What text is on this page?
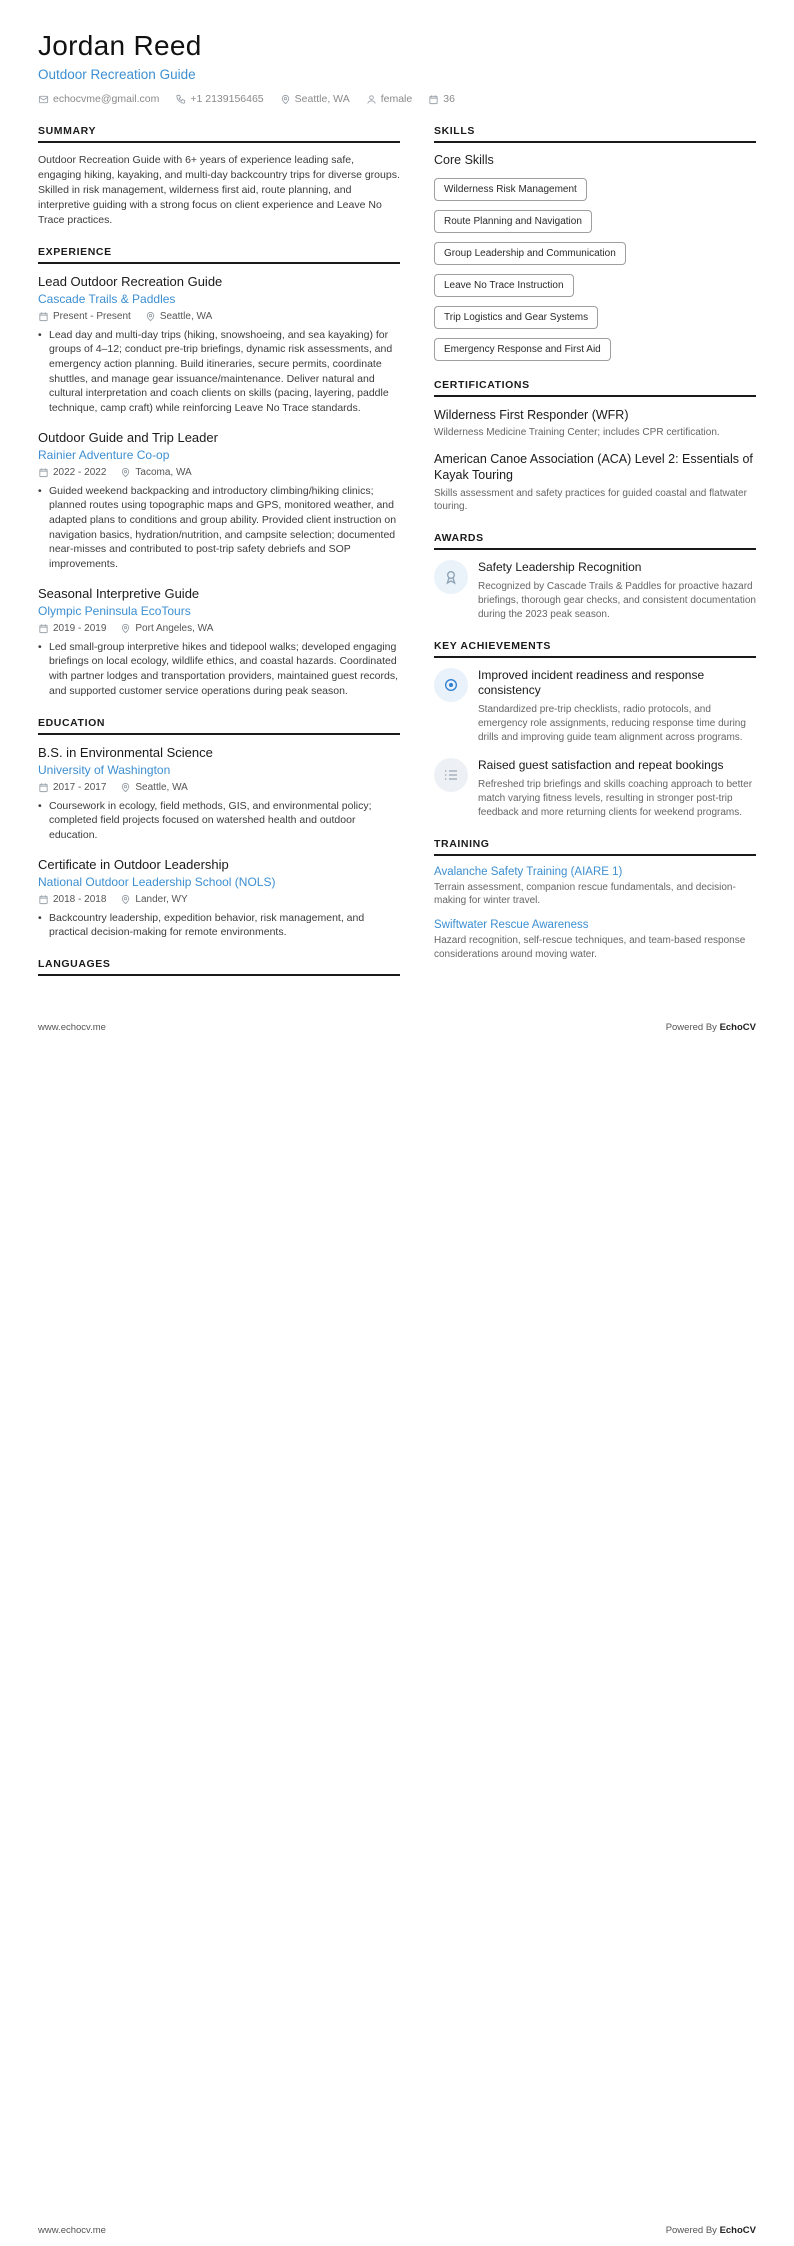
Jordan Reed
Outdoor Recreation Guide
echocvme@gmail.com	+1 2139156465	Seattle, WA	female	36
SUMMARY
Outdoor Recreation Guide with 6+ years of experience leading safe, engaging hiking, kayaking, and multi-day backcountry trips for diverse groups. Skilled in risk management, wilderness first aid, route planning, and interpretive guiding with a strong focus on client experience and Leave No Trace practices.
EXPERIENCE
Lead Outdoor Recreation Guide
Cascade Trails & Paddles
Present - Present	Seattle, WA
• Lead day and multi-day trips (hiking, snowshoeing, and sea kayaking) for groups of 4–12; conduct pre-trip briefings, dynamic risk assessments, and emergency action planning. Build itineraries, secure permits, coordinate shuttles, and manage gear issuance/maintenance. Deliver natural and cultural interpretation and coach clients on skills (pacing, layering, paddle technique, camp craft) while reinforcing Leave No Trace standards.
Outdoor Guide and Trip Leader
Rainier Adventure Co-op
2022 - 2022	Tacoma, WA
• Guided weekend backpacking and introductory climbing/hiking clinics; planned routes using topographic maps and GPS, monitored weather, and adapted plans to conditions and group ability. Provided client instruction on navigation basics, hydration/nutrition, and campsite selection; documented near-misses and contributed to post-trip safety debriefs and SOP improvements.
Seasonal Interpretive Guide
Olympic Peninsula EcoTours
2019 - 2019	Port Angeles, WA
• Led small-group interpretive hikes and tidepool walks; developed engaging briefings on local ecology, wildlife ethics, and coastal hazards. Coordinated with partner lodges and transportation providers, maintained guest records, and supported customer service operations during peak season.
EDUCATION
B.S. in Environmental Science
University of Washington
2017 - 2017	Seattle, WA
• Coursework in ecology, field methods, GIS, and environmental policy; completed field projects focused on watershed health and outdoor education.
Certificate in Outdoor Leadership
National Outdoor Leadership School (NOLS)
2018 - 2018	Lander, WY
• Backcountry leadership, expedition behavior, risk management, and practical decision-making for remote environments.
LANGUAGES
SKILLS
Core Skills
Wilderness Risk Management
Route Planning and Navigation
Group Leadership and Communication
Leave No Trace Instruction
Trip Logistics and Gear Systems
Emergency Response and First Aid
CERTIFICATIONS
Wilderness First Responder (WFR)
Wilderness Medicine Training Center; includes CPR certification.
American Canoe Association (ACA) Level 2: Essentials of Kayak Touring
Skills assessment and safety practices for guided coastal and flatwater touring.
AWARDS
Safety Leadership Recognition
Recognized by Cascade Trails & Paddles for proactive hazard briefings, thorough gear checks, and consistent documentation during the 2023 peak season.
KEY ACHIEVEMENTS
Improved incident readiness and response consistency
Standardized pre-trip checklists, radio protocols, and emergency role assignments, reducing response time during drills and improving guide team alignment across programs.
Raised guest satisfaction and repeat bookings
Refreshed trip briefings and skills coaching approach to better match varying fitness levels, resulting in stronger post-trip feedback and more returning clients for weekend programs.
TRAINING
Avalanche Safety Training (AIARE 1)
Terrain assessment, companion rescue fundamentals, and decision-making for winter travel.
Swiftwater Rescue Awareness
Hazard recognition, self-rescue techniques, and team-based response considerations around moving water.
www.echocv.me	Powered By EchoCV
www.echocv.me	Powered By EchoCV
